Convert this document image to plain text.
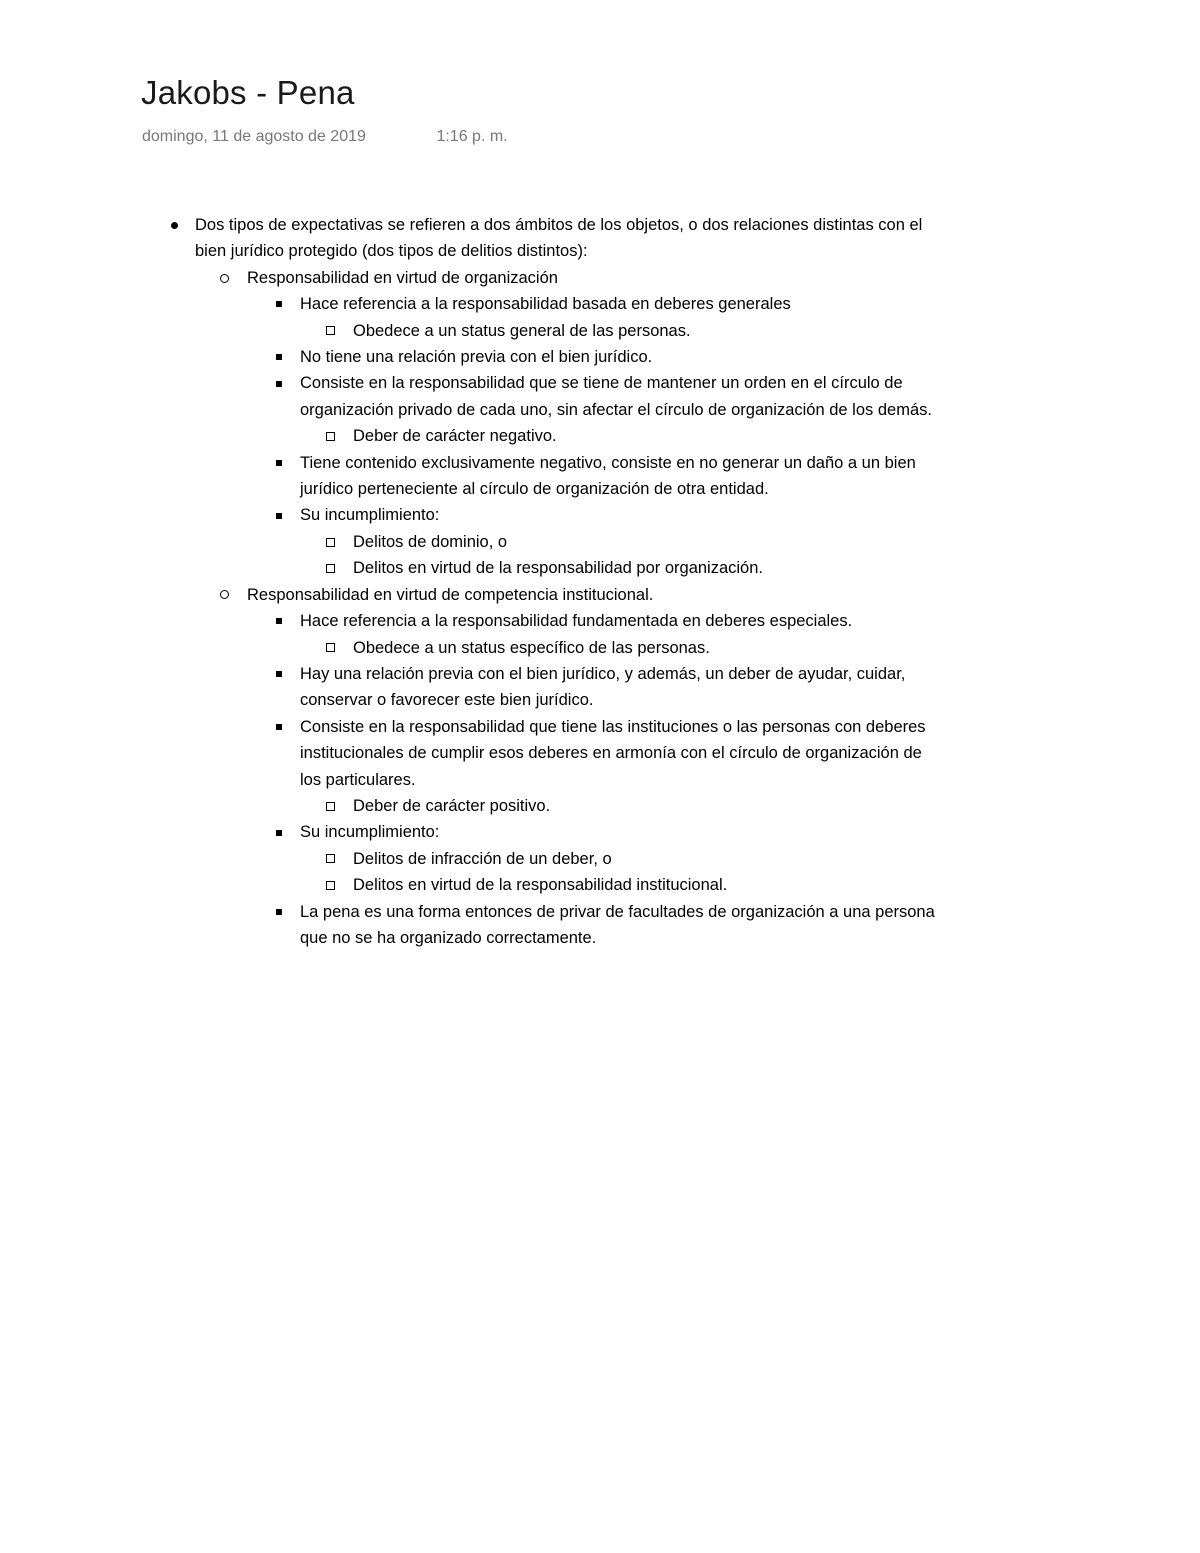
Jakobs - Pena
domingo, 11 de agosto de 2019	1:16 p. m.
Dos tipos de expectativas se refieren a dos ámbitos de los objetos, o dos relaciones distintas con el
bien jurídico protegido (dos tipos de delitios distintos):
Responsabilidad en virtud de organización
Hace referencia a la responsabilidad basada en deberes generales
Obedece a un status general de las personas.
No tiene una relación previa con el bien jurídico.
Consiste en la responsabilidad que se tiene de mantener un orden en el círculo de
organización privado de cada uno, sin afectar el círculo de organización de los demás.
Deber de carácter negativo.
Tiene contenido exclusivamente negativo, consiste en no generar un daño a un bien
jurídico perteneciente al círculo de organización de otra entidad.
Su incumplimiento:
Delitos de dominio, o
Delitos en virtud de la responsabilidad por organización.
Responsabilidad en virtud de competencia institucional.
Hace referencia a la responsabilidad fundamentada en deberes especiales.
Obedece a un status específico de las personas.
Hay una relación previa con el bien jurídico, y además, un deber de ayudar, cuidar,
conservar o favorecer este bien jurídico.
Consiste en la responsabilidad que tiene las instituciones o las personas con deberes
institucionales de cumplir esos deberes en armonía con el círculo de organización de
los particulares.
Deber de carácter positivo.
Su incumplimiento:
Delitos de infracción de un deber, o
Delitos en virtud de la responsabilidad institucional.
La pena es una forma entonces de privar de facultades de organización a una persona
que no se ha organizado correctamente.
